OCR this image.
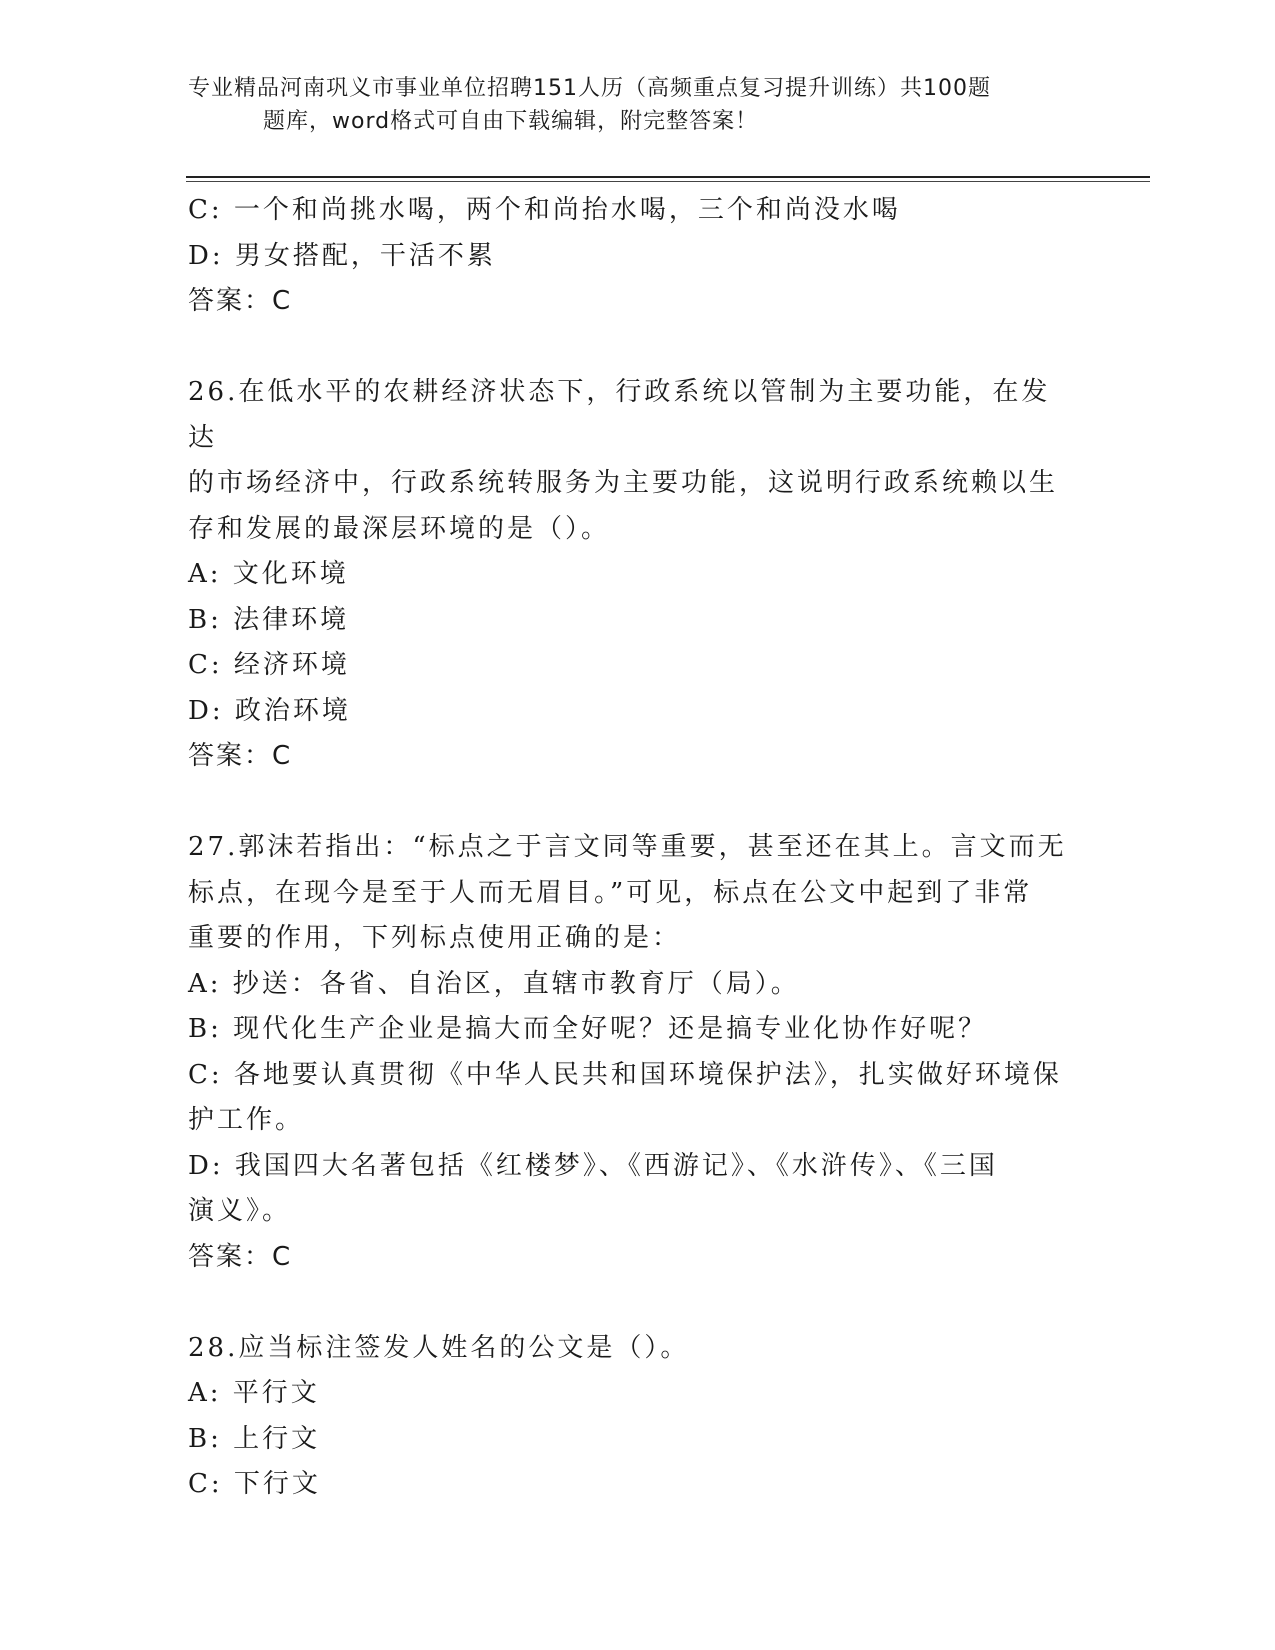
专业精品河南巩义市事业单位招聘151人历（高频重点复习提升训练）共100题
题库，word格式可自由下载编辑，附完整答案！

C: 一个和尚挑水喝，两个和尚抬水喝，三个和尚没水喝

D: 男女搭配，干活不累

答案：C

26.在低水平的农耕经济状态下，行政系统以管制为主要功能，在发达

的市场经济中，行政系统转服务为主要功能，这说明行政系统赖以生

存和发展的最深层环境的是（）。

A: 文化环境

B: 法律环境

C: 经济环境

D: 政治环境

答案：C

27.郭沫若指出：“标点之于言文同等重要，甚至还在其上。言文而无

标点，在现今是至于人而无眉目。”可见，标点在公文中起到了非常

重要的作用，下列标点使用正确的是：

A: 抄送：各省、自治区，直辖市教育厅（局）。

B: 现代化生产企业是搞大而全好呢？还是搞专业化协作好呢？

C: 各地要认真贯彻《中华人民共和国环境保护法》，扎实做好环境保

护工作。

D: 我国四大名著包括《红楼梦》、《西游记》、《水浒传》、《三国

演义》。

答案：C

28.应当标注签发人姓名的公文是（）。

A: 平行文

B: 上行文

C: 下行文
